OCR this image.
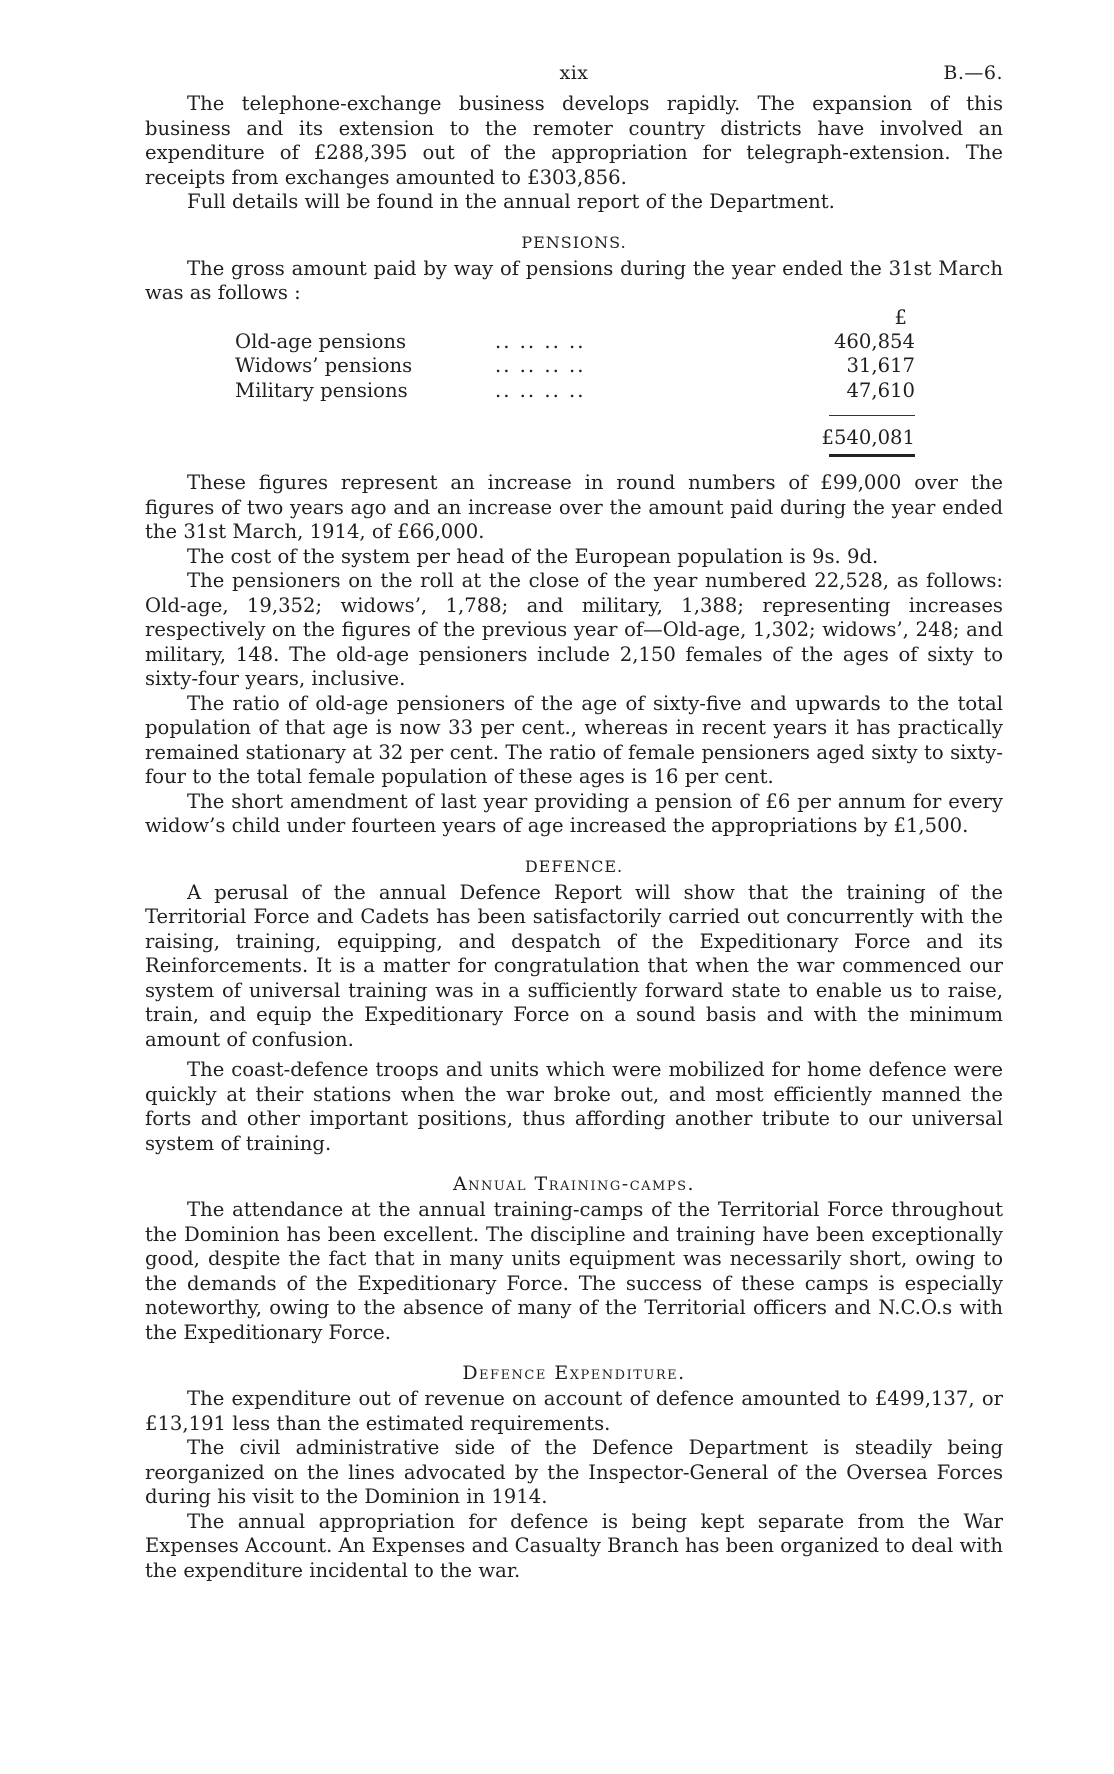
xix	B.—6.

The telephone-exchange business develops rapidly. The expansion of this business and its extension to the remoter country districts have involved an expenditure of £288,395 out of the appropriation for telegraph-extension. The receipts from exchanges amounted to £303,856.

Full details will be found in the annual report of the Department.

PENSIONS.

The gross amount paid by way of pensions during the year ended the 31st March was as follows :

£
Old-age pensions	.. .. .. ..	460,854
Widows’ pensions	.. .. .. ..	31,617
Military pensions	.. .. .. ..	47,610
£540,081

These figures represent an increase in round numbers of £99,000 over the figures of two years ago and an increase over the amount paid during the year ended the 31st March, 1914, of £66,000.

The cost of the system per head of the European population is 9s. 9d.

The pensioners on the roll at the close of the year numbered 22,528, as follows: Old-age, 19,352; widows’, 1,788; and military, 1,388; representing increases respectively on the figures of the previous year of—Old-age, 1,302; widows’, 248; and military, 148. The old-age pensioners include 2,150 females of the ages of sixty to sixty-four years, inclusive.

The ratio of old-age pensioners of the age of sixty-five and upwards to the total population of that age is now 33 per cent., whereas in recent years it has practically remained stationary at 32 per cent. The ratio of female pensioners aged sixty to sixty-four to the total female population of these ages is 16 per cent.

The short amendment of last year providing a pension of £6 per annum for every widow’s child under fourteen years of age increased the appropriations by £1,500.

DEFENCE.

A perusal of the annual Defence Report will show that the training of the Territorial Force and Cadets has been satisfactorily carried out concurrently with the raising, training, equipping, and despatch of the Expeditionary Force and its Reinforcements. It is a matter for congratulation that when the war commenced our system of universal training was in a sufficiently forward state to enable us to raise, train, and equip the Expeditionary Force on a sound basis and with the minimum amount of confusion.

The coast-defence troops and units which were mobilized for home defence were quickly at their stations when the war broke out, and most efficiently manned the forts and other important positions, thus affording another tribute to our universal system of training.

Annual Training-camps.

The attendance at the annual training-camps of the Territorial Force throughout the Dominion has been excellent. The discipline and training have been exceptionally good, despite the fact that in many units equipment was necessarily short, owing to the demands of the Expeditionary Force. The success of these camps is especially noteworthy, owing to the absence of many of the Territorial officers and N.C.O.s with the Expeditionary Force.

Defence Expenditure.

The expenditure out of revenue on account of defence amounted to £499,137, or £13,191 less than the estimated requirements.

The civil administrative side of the Defence Department is steadily being reorganized on the lines advocated by the Inspector-General of the Oversea Forces during his visit to the Dominion in 1914.

The annual appropriation for defence is being kept separate from the War Expenses Account. An Expenses and Casualty Branch has been organized to deal with the expenditure incidental to the war.
